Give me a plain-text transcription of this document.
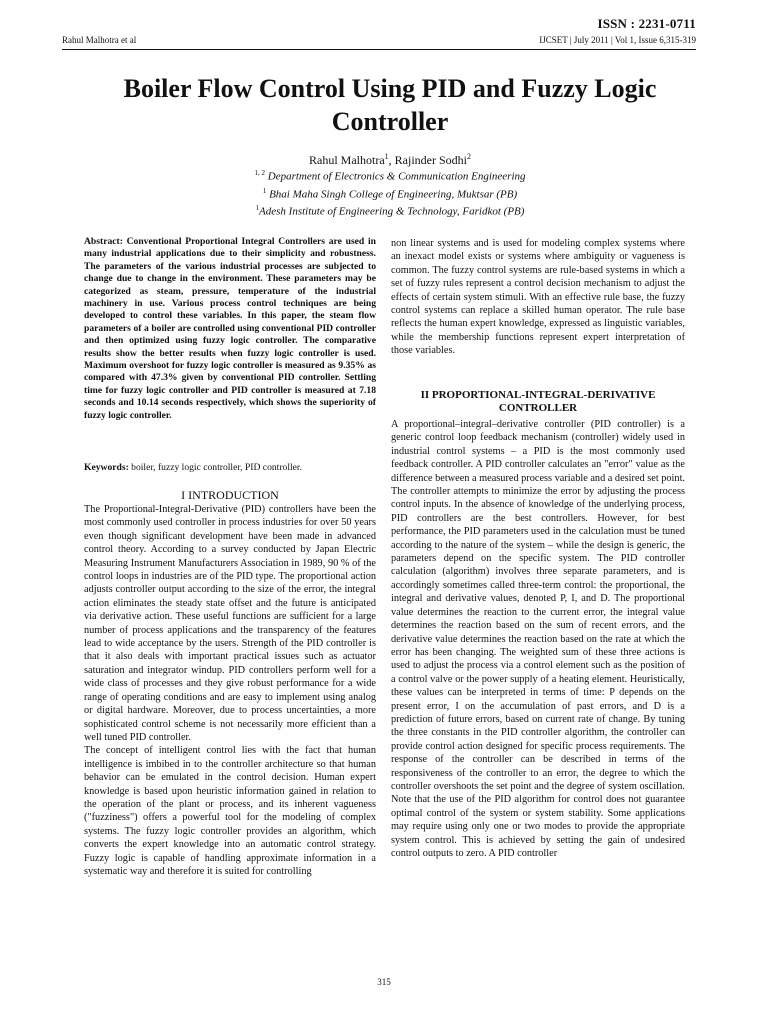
ISSN : 2231-0711
Rahul Malhotra et al	IJCSET | July 2011 | Vol 1, Issue 6,315-319
Boiler Flow Control Using PID and Fuzzy Logic Controller
Rahul Malhotra$^1$, Rajinder Sodhi$^2$
$^{1, 2}$ Department of Electronics & Communication Engineering
$^1$ Bhai Maha Singh College of Engineering, Muktsar (PB)
$^1$Adesh Institute of Engineering & Technology, Faridkot (PB)
Abstract: Conventional Proportional Integral Controllers are used in many industrial applications due to their simplicity and robustness. The parameters of the various industrial processes are subjected to change due to change in the environment. These parameters may be categorized as steam, pressure, temperature of the industrial machinery in use. Various process control techniques are being developed to control these variables. In this paper, the steam flow parameters of a boiler are controlled using conventional PID controller and then optimized using fuzzy logic controller. The comparative results show the better results when fuzzy logic controller is used. Maximum overshoot for fuzzy logic controller is measured as 9.35% as compared with 47.3% given by conventional PID controller. Settling time for fuzzy logic controller and PID controller is measured at 7.18 seconds and 10.14 seconds respectively, which shows the superiority of fuzzy logic controller.
Keywords: boiler, fuzzy logic controller, PID controller.
I INTRODUCTION

The Proportional-Integral-Derivative (PID) controllers have been the most commonly used controller in process industries for over 50 years even though significant development have been made in advanced control theory. According to a survey conducted by Japan Electric Measuring Instrument Manufacturers Association in 1989, 90 % of the control loops in industries are of the PID type. The proportional action adjusts controller output according to the size of the error, the integral action eliminates the steady state offset and the future is anticipated via derivative action. These useful functions are sufficient for a large number of process applications and the transparency of the features lead to wide acceptance by the users. Strength of the PID controller is that it also deals with important practical issues such as actuator saturation and integrator windup. PID controllers perform well for a wide class of processes and they give robust performance for a wide range of operating conditions and are easy to implement using analog or digital hardware. Moreover, due to process uncertainties, a more sophisticated control scheme is not necessarily more efficient than a well tuned PID controller.

The concept of intelligent control lies with the fact that human intelligence is imbibed in to the controller architecture so that human behavior can be emulated in the control decision. Human expert knowledge is based upon heuristic information gained in relation to the operation of the plant or process, and its inherent vagueness ("fuzziness") offers a powerful tool for the modeling of complex systems. The fuzzy logic controller provides an algorithm, which converts the expert knowledge into an automatic control strategy. Fuzzy logic is capable of handling approximate information in a systematic way and therefore it is suited for controlling

non linear systems and is used for modeling complex systems where an inexact model exists or systems where ambiguity or vagueness is common. The fuzzy control systems are rule-based systems in which a set of fuzzy rules represent a control decision mechanism to adjust the effects of certain system stimuli. With an effective rule base, the fuzzy control systems can replace a skilled human operator. The rule base reflects the human expert knowledge, expressed as linguistic variables, while the membership functions represent expert interpretation of those variables.

II PROPORTIONAL-INTEGRAL-DERIVATIVE CONTROLLER

A proportional–integral–derivative controller (PID controller) is a generic control loop feedback mechanism (controller) widely used in industrial control systems – a PID is the most commonly used feedback controller. A PID controller calculates an "error" value as the difference between a measured process variable and a desired set point. The controller attempts to minimize the error by adjusting the process control inputs. In the absence of knowledge of the underlying process, PID controllers are the best controllers. However, for best performance, the PID parameters used in the calculation must be tuned according to the nature of the system – while the design is generic, the parameters depend on the specific system. The PID controller calculation (algorithm) involves three separate parameters, and is accordingly sometimes called three-term control: the proportional, the integral and derivative values, denoted P, I, and D. The proportional value determines the reaction to the current error, the integral value determines the reaction based on the sum of recent errors, and the derivative value determines the reaction based on the rate at which the error has been changing. The weighted sum of these three actions is used to adjust the process via a control element such as the position of a control valve or the power supply of a heating element. Heuristically, these values can be interpreted in terms of time: P depends on the present error, I on the accumulation of past errors, and D is a prediction of future errors, based on current rate of change. By tuning the three constants in the PID controller algorithm, the controller can provide control action designed for specific process requirements. The response of the controller can be described in terms of the responsiveness of the controller to an error, the degree to which the controller overshoots the set point and the degree of system oscillation. Note that the use of the PID algorithm for control does not guarantee optimal control of the system or system stability. Some applications may require using only one or two modes to provide the appropriate system control. This is achieved by setting the gain of undesired control outputs to zero. A PID controller

315
